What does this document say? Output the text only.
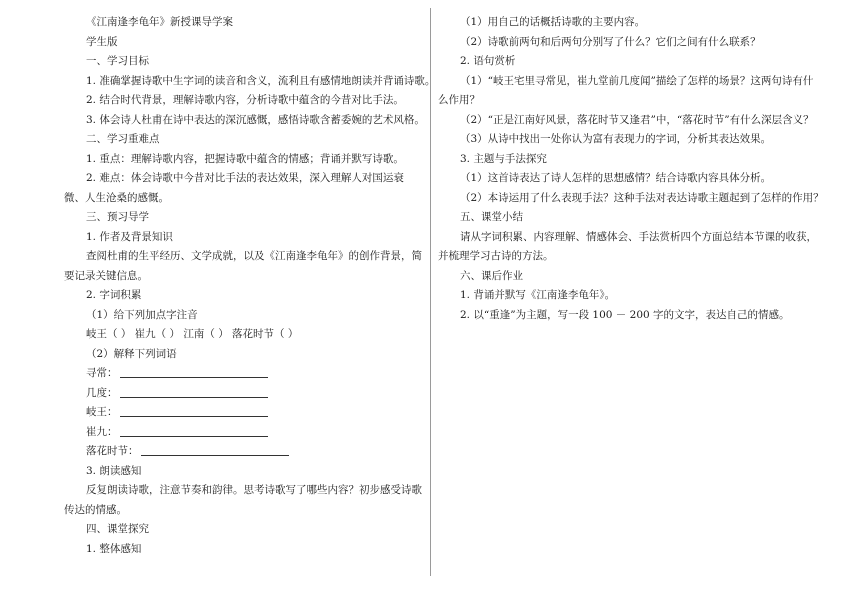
《江南逢李龟年》新授课导学案
学生版
一、学习目标
1. 准确掌握诗歌中生字词的读音和含义，流利且有感情地朗读并背诵诗歌。
2. 结合时代背景，理解诗歌内容，分析诗歌中蕴含的今昔对比手法。
3. 体会诗人杜甫在诗中表达的深沉感慨，感悟诗歌含蓄委婉的艺术风格。
二、学习重难点
1. 重点：理解诗歌内容，把握诗歌中蕴含的情感；背诵并默写诗歌。
2. 难点：体会诗歌中今昔对比手法的表达效果，深入理解人对国运衰微、人生沧桑的感慨。
三、预习导学
1. 作者及背景知识
查阅杜甫的生平经历、文学成就，以及《江南逢李龟年》的创作背景，简要记录关键信息。
2. 字词积累
（1）给下列加点字注音
岐王（ ） 崔九（ ） 江南（ ） 落花时节（ ）
（2）解释下列词语
寻常：
几度：
岐王：
崔九：
落花时节：
3. 朗读感知
反复朗读诗歌，注意节奏和韵律。思考诗歌写了哪些内容？初步感受诗歌传达的情感。
四、课堂探究
1. 整体感知
（1）用自己的话概括诗歌的主要内容。
（2）诗歌前两句和后两句分别写了什么？它们之间有什么联系？
2. 语句赏析
（1）“岐王宅里寻常见，崔九堂前几度闻”描绘了怎样的场景？这两句诗有什么作用？
（2）“正是江南好风景，落花时节又逢君”中，“落花时节”有什么深层含义？
（3）从诗中找出一处你认为富有表现力的字词，分析其表达效果。
3. 主题与手法探究
（1）这首诗表达了诗人怎样的思想感情？结合诗歌内容具体分析。
（2）本诗运用了什么表现手法？这种手法对表达诗歌主题起到了怎样的作用？
五、课堂小结
请从字词积累、内容理解、情感体会、手法赏析四个方面总结本节课的收获，并梳理学习古诗的方法。
六、课后作业
1. 背诵并默写《江南逢李龟年》。
2. 以“重逢”为主题，写一段 100 － 200 字的文字，表达自己的情感。
